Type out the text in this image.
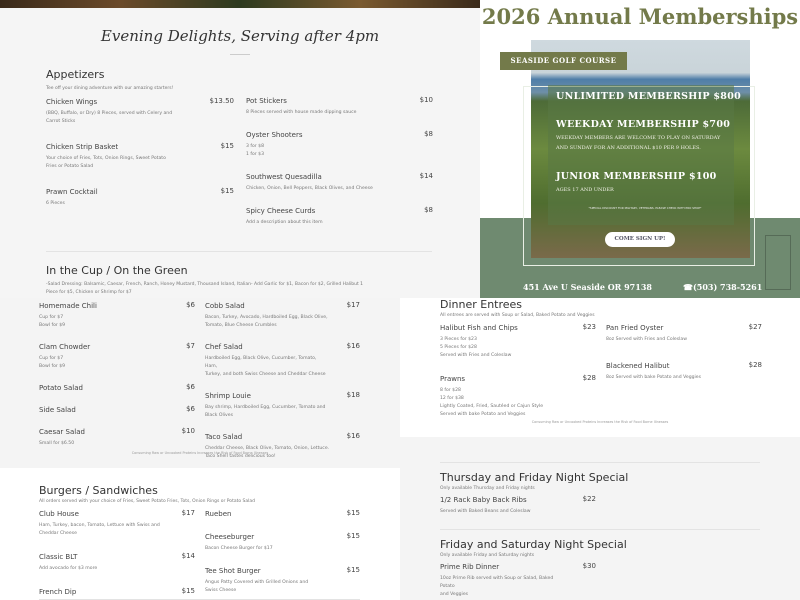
Evening Delights, Serving after 4pm
Appetizers
Tee off your dining adventure with our amazing starters!
Chicken Wings	$13.50
(BBQ, Buffalo, or Dry) 8 Pieces, served with Celery and
Carrot Sticks
Chicken Strip Basket	$15
Your choice of Fries, Tots, Onion Rings, Sweet Potato
Fries or Potato Salad
Prawn Cocktail	$15
6 Pieces
Pot Stickers	$10
8 Pieces served with house made dipping sauce
Oyster Shooters	$8
3 for $8
1 for $3
Southwest Quesadilla	$14
Chicken, Onion, Bell Peppers, Black Olives, and Cheese
Spicy Cheese Curds	$8
Add a description about this item
In the Cup / On the Green
-Salad Dressing: Balsamic, Caesar, French, Ranch, Honey Mustard, Thousand Island, Italian- Add Garlic for $1, Bacon for $2, Grilled Halibut 1 Piece for $5, Chicken or Shrimp for $7
2026 Annual Memberships
SEASIDE GOLF COURSE
UNLIMITED MEMBERSHIP $800
WEEKDAY MEMBERSHIP $700
WEEKDAY MEMBERS ARE WELCOME TO PLAY ON SATURDAY AND SUNDAY FOR AN ADDITIONAL $10 PER 9 HOLES.
JUNIOR MEMBERSHIP $100
AGES 17 AND UNDER
*SPECIAL DISCOUNT FOR MILITARY, VETERANS. PLEASE CHECK WITH PRO SHOP*
COME SIGN UP!
451 Ave U Seaside OR 97138	☎(503) 738-5261
Homemade Chili	$6
Cup for $7
Bowl for $9
Clam Chowder	$7
Cup for $7
Bowl for $9
Potato Salad	$6
Side Salad	$6
Caesar Salad	$10
Small for $6.50
Cobb Salad	$17
Bacon, Turkey, Avocado, Hardboiled Egg, Black Olive,
Tomato, Blue Cheese Crumbles
Chef Salad	$16
Hardboiled Egg, Black Olive, Cucumber, Tomato, Ham,
Turkey, and both Swiss Cheese and Cheddar Cheese
Shrimp Louie	$18
Bay shrimp, Hardboiled Egg, Cucumber, Tomato and
Black Olives
Taco Salad	$16
Cheddar Cheese, Black Olive, Tomato, Onion, Lettuce.
Taco Shell tastes delicious too!
Consuming Raw or Uncooked Proteins Increases the Risk of Food Borne Illnesses
Dinner Entrees
All entrees are served with Soup or Salad, Baked Potato and Veggies
Halibut Fish and Chips	$23
3 Pieces for $23
5 Pieces for $28
Served with Fries and Coleslaw
Prawns	$28
8 for $28
12 for $38
Lightly Coated, Fried, Sautéed or Cajun Style
Served with bake Potato and Veggies
Pan Fried Oyster	$27
8oz Served with Fries and Coleslaw
Blackened Halibut	$28
8oz Served with bake Potato and Veggies
Consuming Raw or Uncooked Proteins Increases the Risk of Food Borne Illnesses
Burgers / Sandwiches
All orders served with your choice of Fries, Sweet Potato Fries, Tots, Onion Rings or Potato Salad
Club House	$17
Ham, Turkey, bacon, Tomato, Lettuce with Swiss and
Cheddar Cheese
Classic BLT	$14
Add avocado for $3 more
French Dip	$15
Rueben	$15
Cheeseburger	$15
Bacon Cheese Burger for $17
Tee Shot Burger	$15
Angus Patty Covered with Grilled Onions and
Swiss Cheese
Thursday and Friday Night Special
Only available Thursday and Friday nights
1/2 Rack Baby Back Ribs	$22
Served with Baked Beans and Coleslaw
Friday and Saturday Night Special
Only available Friday and Saturday nights
Prime Rib Dinner	$30
10oz Prime Rib served with Soup or Salad, Baked Potato
and Veggies
